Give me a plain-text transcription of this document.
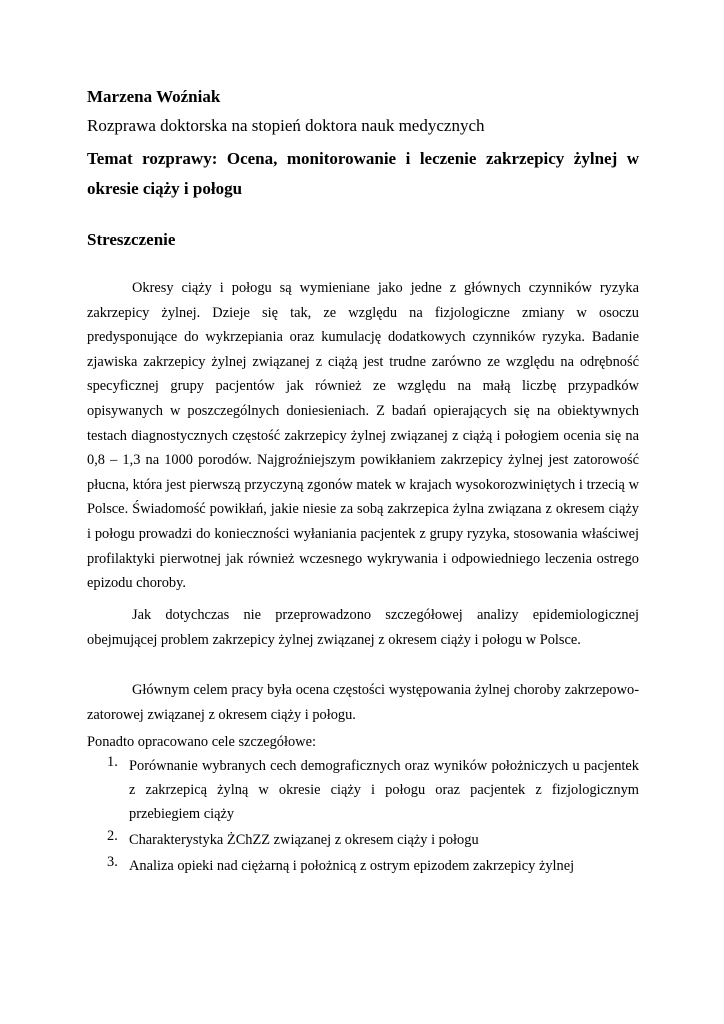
Marzena Woźniak
Rozprawa doktorska na stopień doktora nauk medycznych
Temat rozprawy: Ocena, monitorowanie i leczenie zakrzepicy żylnej w okresie ciąży i połogu
Streszczenie

Okresy ciąży i połogu są wymieniane jako jedne z głównych czynników ryzyka zakrzepicy żylnej. Dzieje się tak, ze względu na fizjologiczne zmiany w osoczu predysponujące do wykrzepiania oraz kumulację dodatkowych czynników ryzyka. Badanie zjawiska zakrzepicy żylnej związanej z ciążą jest trudne zarówno ze względu na odrębność specyficznej grupy pacjentów jak również ze względu na małą liczbę przypadków opisywanych w poszczególnych doniesieniach. Z badań opierających się na obiektywnych testach diagnostycznych częstość zakrzepicy żylnej związanej z ciążą i połogiem ocenia się na 0,8 – 1,3 na 1000 porodów. Najgroźniejszym powikłaniem zakrzepicy żylnej jest zatorowość płucna, która jest pierwszą przyczyną zgonów matek w krajach wysokorozwiniętych i trzecią w Polsce. Świadomość powikłań, jakie niesie za sobą zakrzepica żylna związana z okresem ciąży i połogu prowadzi do konieczności wyłaniania pacjentek z grupy ryzyka, stosowania właściwej profilaktyki pierwotnej jak również wczesnego wykrywania i odpowiedniego leczenia ostrego epizodu choroby.

Jak dotychczas nie przeprowadzono szczegółowej analizy epidemiologicznej obejmującej problem zakrzepicy żylnej związanej z okresem ciąży i połogu w Polsce.

Głównym celem pracy była ocena częstości występowania żylnej choroby zakrzepowo-zatorowej związanej z okresem ciąży i połogu.

Ponadto opracowano cele szczegółowe:
1. Porównanie wybranych cech demograficznych oraz wyników położniczych u pacjentek z zakrzepicą żylną w okresie ciąży i połogu oraz pacjentek z fizjologicznym przebiegiem ciąży
2. Charakterystyka ŻChZZ związanej z okresem ciąży i połogu
3. Analiza opieki nad ciężarną i położnicą z ostrym epizodem zakrzepicy żylnej
